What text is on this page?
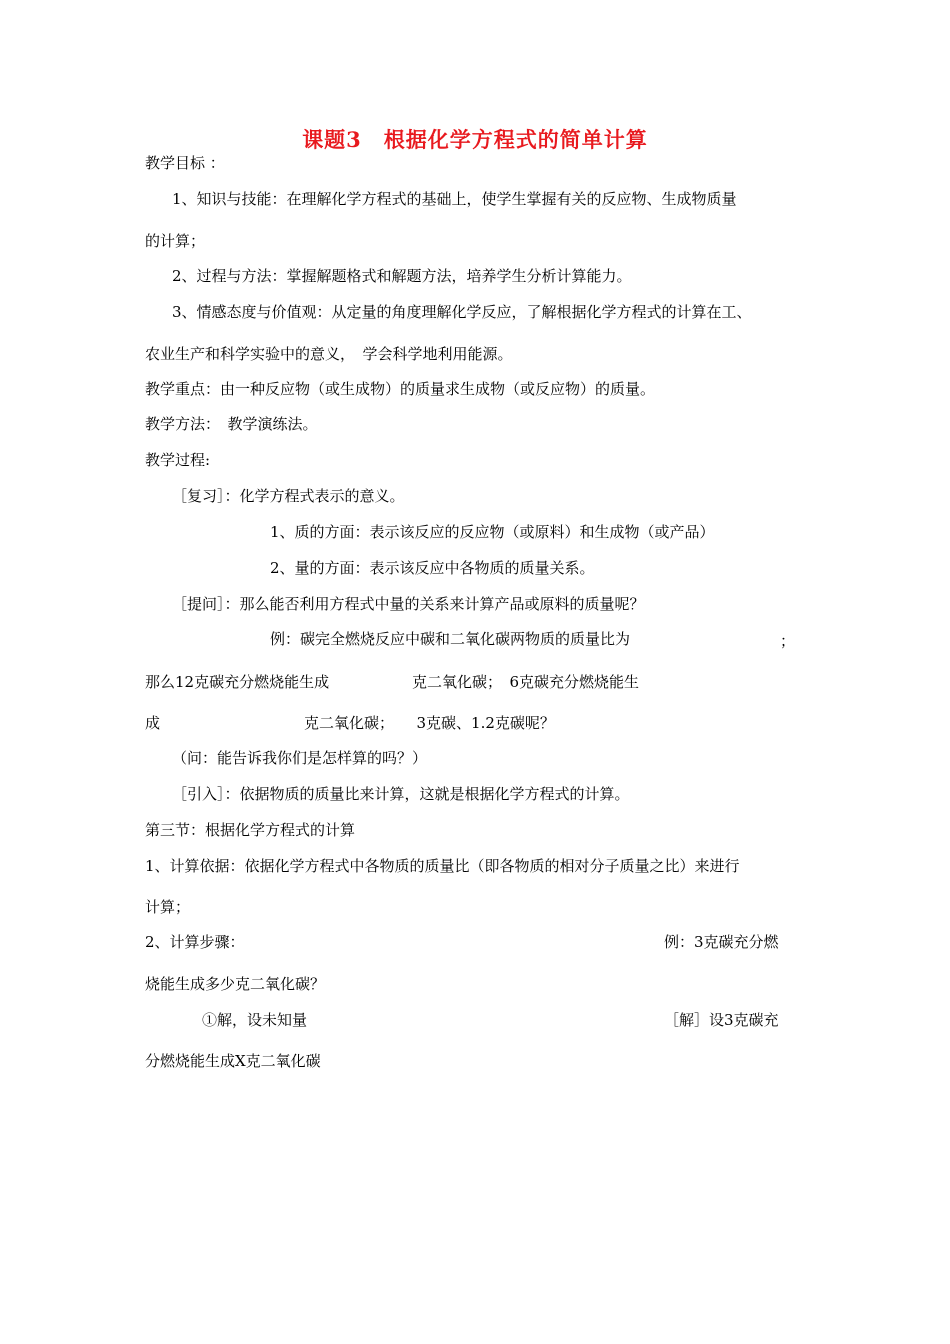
课题3　根据化学方程式的简单计算
教学目标 ：
1、知识与技能：在理解化学方程式的基础上，使学生掌握有关的反应物、生成物质量
的计算；
2、过程与方法：掌握解题格式和解题方法，培养学生分析计算能力。
3、情感态度与价值观：从定量的角度理解化学反应，了解根据化学方程式的计算在工、
农业生产和科学实验中的意义，　学会科学地利用能源。
教学重点：由一种反应物（或生成物）的质量求生成物（或反应物）的质量。
教学方法：　教学演练法。
教学过程:
［复习］：化学方程式表示的意义。
1、质的方面：表示该反应的反应物（或原料）和生成物（或产品）
2、量的方面：表示该反应中各物质的质量关系。
［提问］：那么能否利用方程式中量的关系来计算产品或原料的质量呢？
例：碳完全燃烧反应中碳和二氧化碳两物质的质量比为	；
那么12克碳充分燃烧能生成	克二氧化碳；　6克碳充分燃烧能生
成	克二氧化碳；　　3克碳、1.2克碳呢？
（问：能告诉我你们是怎样算的吗？）
［引入］：依据物质的质量比来计算，这就是根据化学方程式的计算。
第三节：根据化学方程式的计算
1、计算依据：依据化学方程式中各物质的质量比（即各物质的相对分子质量之比）来进行
计算；
2、计算步骤：	例：3克碳充分燃
烧能生成多少克二氧化碳？
①解，设未知量	［解］设3克碳充
分燃烧能生成X克二氧化碳
